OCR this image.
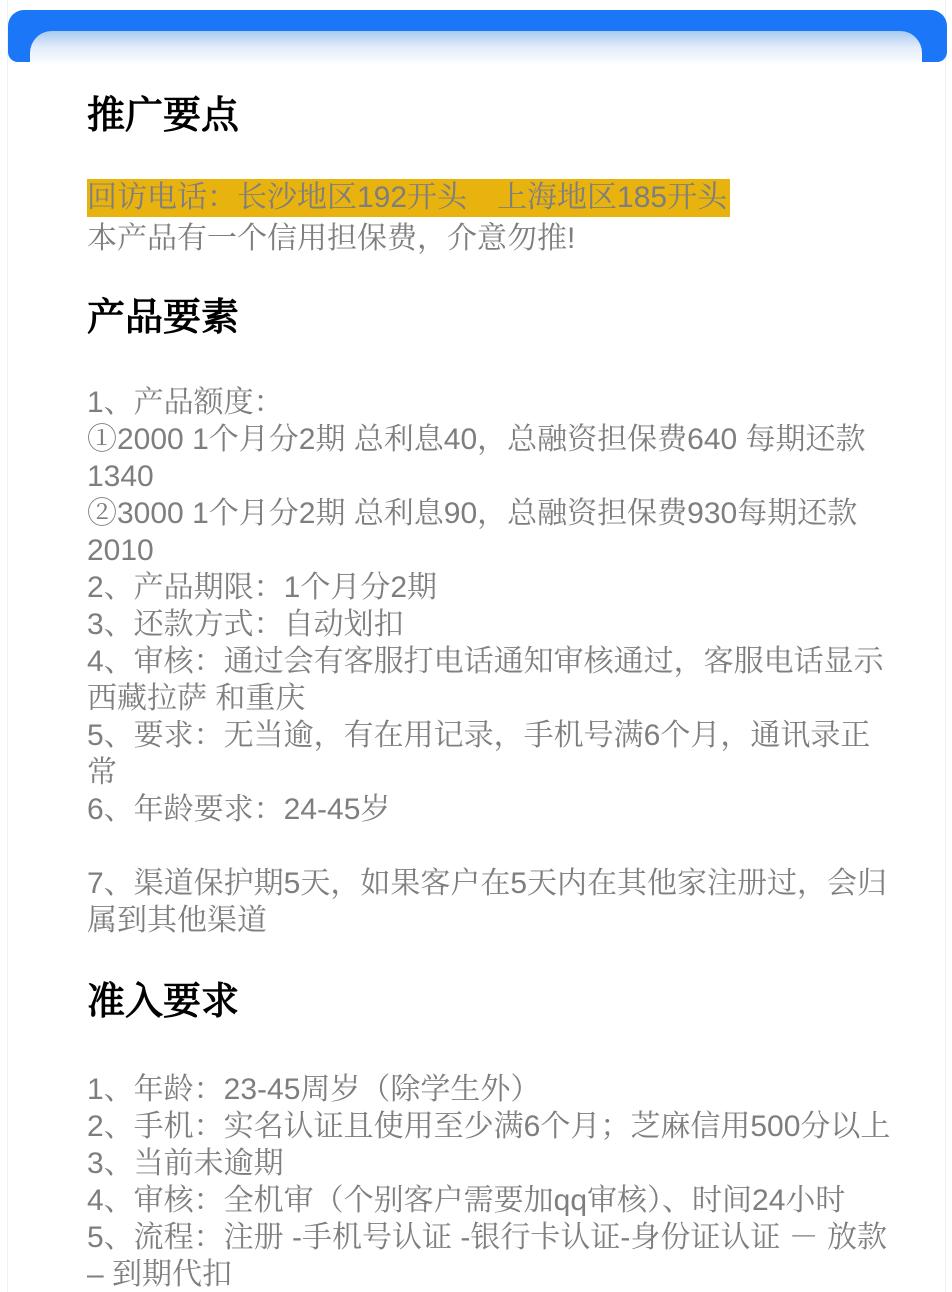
推广要点
回访电话：长沙地区192开头　上海地区185开头
本产品有一个信用担保费，介意勿推!
产品要素
1、产品额度：
①2000 1个月分2期 总利息40，总融资担保费640 每期还款
1340
②3000 1个月分2期 总利息90，总融资担保费930每期还款
2010
2、产品期限：1个月分2期
3、还款方式：自动划扣
4、审核：通过会有客服打电话通知审核通过，客服电话显示
西藏拉萨 和重庆
5、要求：无当逾，有在用记录，手机号满6个月，通讯录正
常
6、年龄要求：24-45岁
7、渠道保护期5天，如果客户在5天内在其他家注册过，会归
属到其他渠道
准入要求
1、年龄：23-45周岁（除学生外）
2、手机：实名认证且使用至少满6个月；芝麻信用500分以上
3、当前未逾期
4、审核：全机审（个别客户需要加qq审核）、时间24小时
5、流程：注册 -手机号认证 -银行卡认证-身份证认证 － 放款
– 到期代扣
